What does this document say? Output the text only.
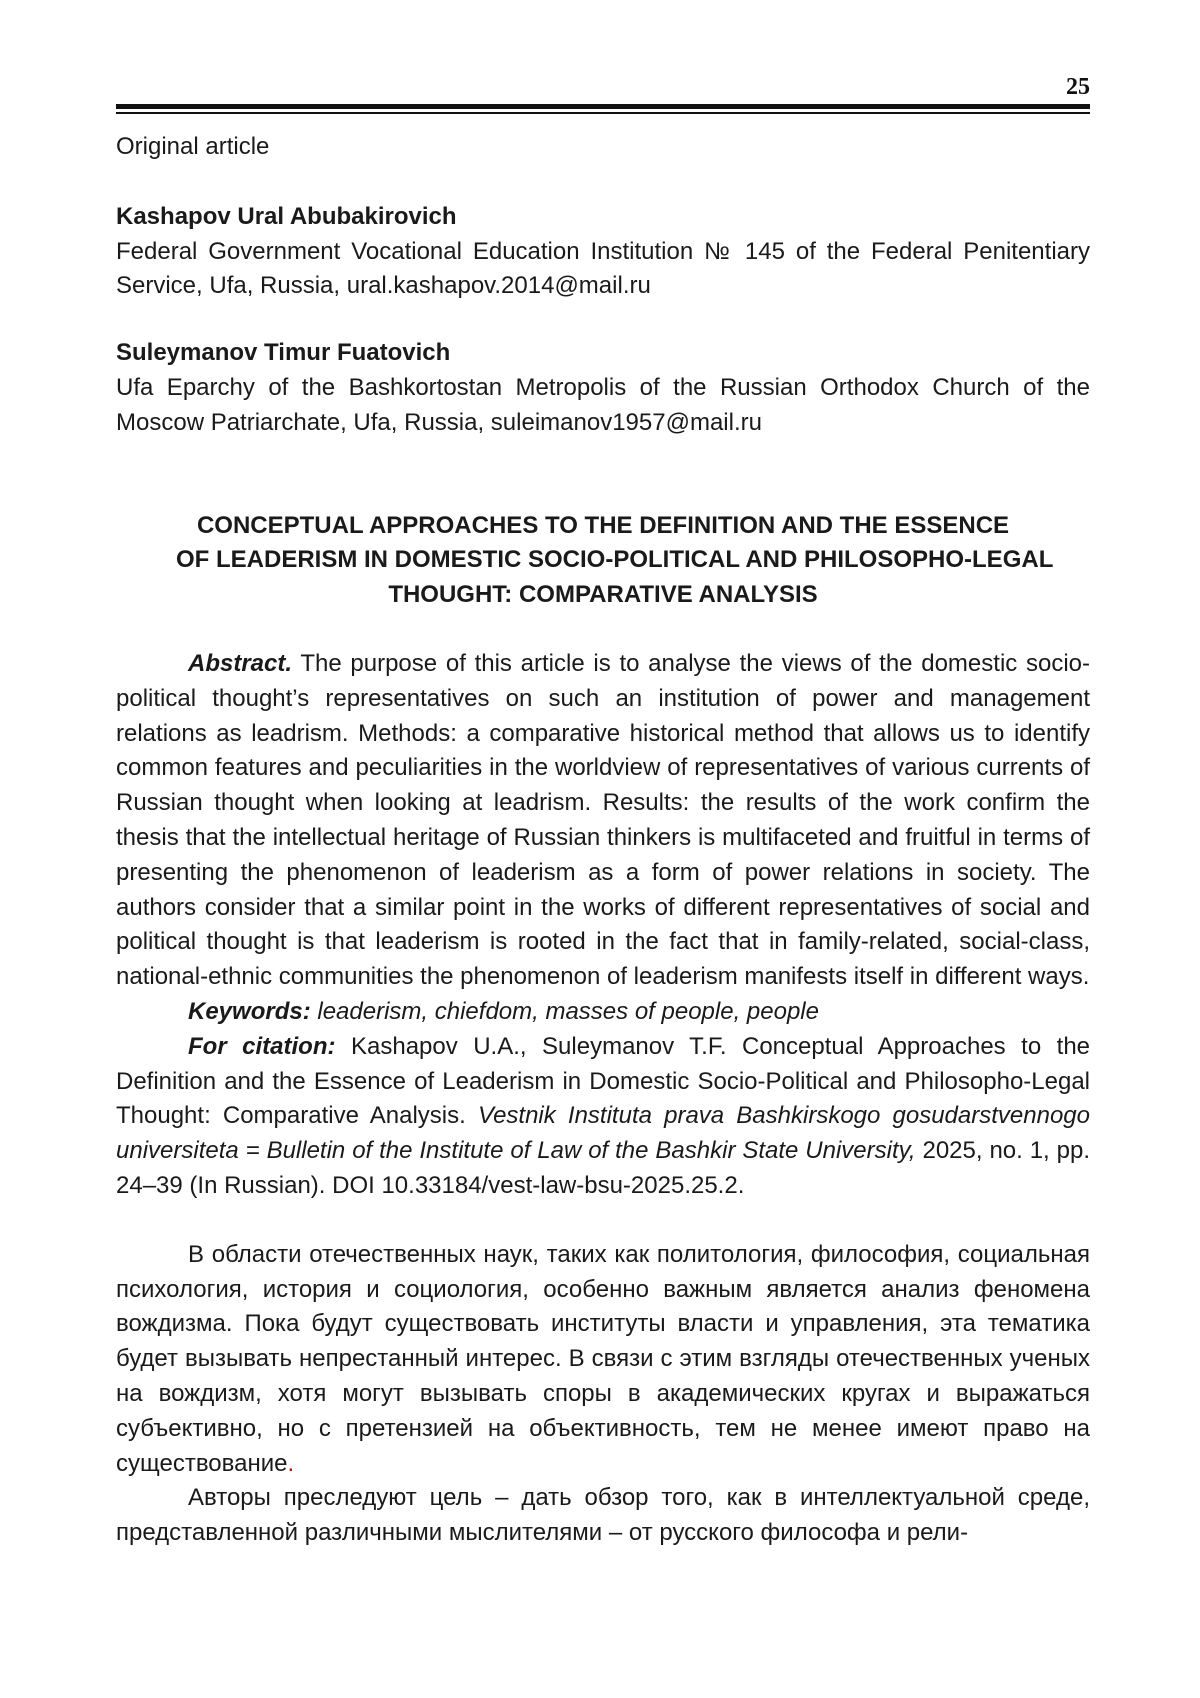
25

Original article

Kashapov Ural Abubakirovich

Federal Government Vocational Education Institution № 145 of the Federal Penitentiary Service, Ufa, Russia, ural.kashapov.2014@mail.ru

Suleymanov Timur Fuatovich

Ufa Eparchy of the Bashkortostan Metropolis of the Russian Orthodox Church of the Moscow Patriarchate, Ufa, Russia, suleimanov1957@mail.ru

CONCEPTUAL APPROACHES TO THE DEFINITION AND THE ESSENCE
OF LEADERISM IN DOMESTIC SOCIO-POLITICAL AND PHILOSOPHO-LEGAL
THOUGHT: COMPARATIVE ANALYSIS

Abstract. The purpose of this article is to analyse the views of the domestic socio-political thought’s representatives on such an institution of power and management relations as leadrism. Methods: a comparative historical method that allows us to identify common features and peculiarities in the worldview of representatives of various currents of Russian thought when looking at leadrism. Results: the results of the work confirm the thesis that the intellectual heritage of Russian thinkers is multifaceted and fruitful in terms of presenting the phenomenon of leaderism as a form of power relations in society. The authors consider that a similar point in the works of different representatives of social and political thought is that leaderism is rooted in the fact that in family-related, social-class, national-ethnic communities the phenomenon of leaderism manifests itself in different ways.

Keywords: leaderism, chiefdom, masses of people, people

For citation: Kashapov U.A., Suleymanov T.F. Conceptual Approaches to the Definition and the Essence of Leaderism in Domestic Socio-Political and Philosopho-Legal Thought: Comparative Analysis. Vestnik Instituta prava Bashkirskogo gosudarstvennogo universiteta = Bulletin of the Institute of Law of the Bashkir State University, 2025, no. 1, pp. 24–39 (In Russian). DOI 10.33184/vest-law-bsu-2025.25.2.

В области отечественных наук, таких как политология, философия, социальная психология, история и социология, особенно важным является анализ феномена вождизма. Пока будут существовать институты власти и управления, эта тематика будет вызывать непрестанный интерес. В связи с этим взгляды отечественных ученых на вождизм, хотя могут вызывать споры в академических кругах и выражаться субъективно, но с претензией на объективность, тем не менее имеют право на существование.

Авторы преследуют цель – дать обзор того, как в интеллектуальной среде, представленной различными мыслителями – от русского философа и рели-
